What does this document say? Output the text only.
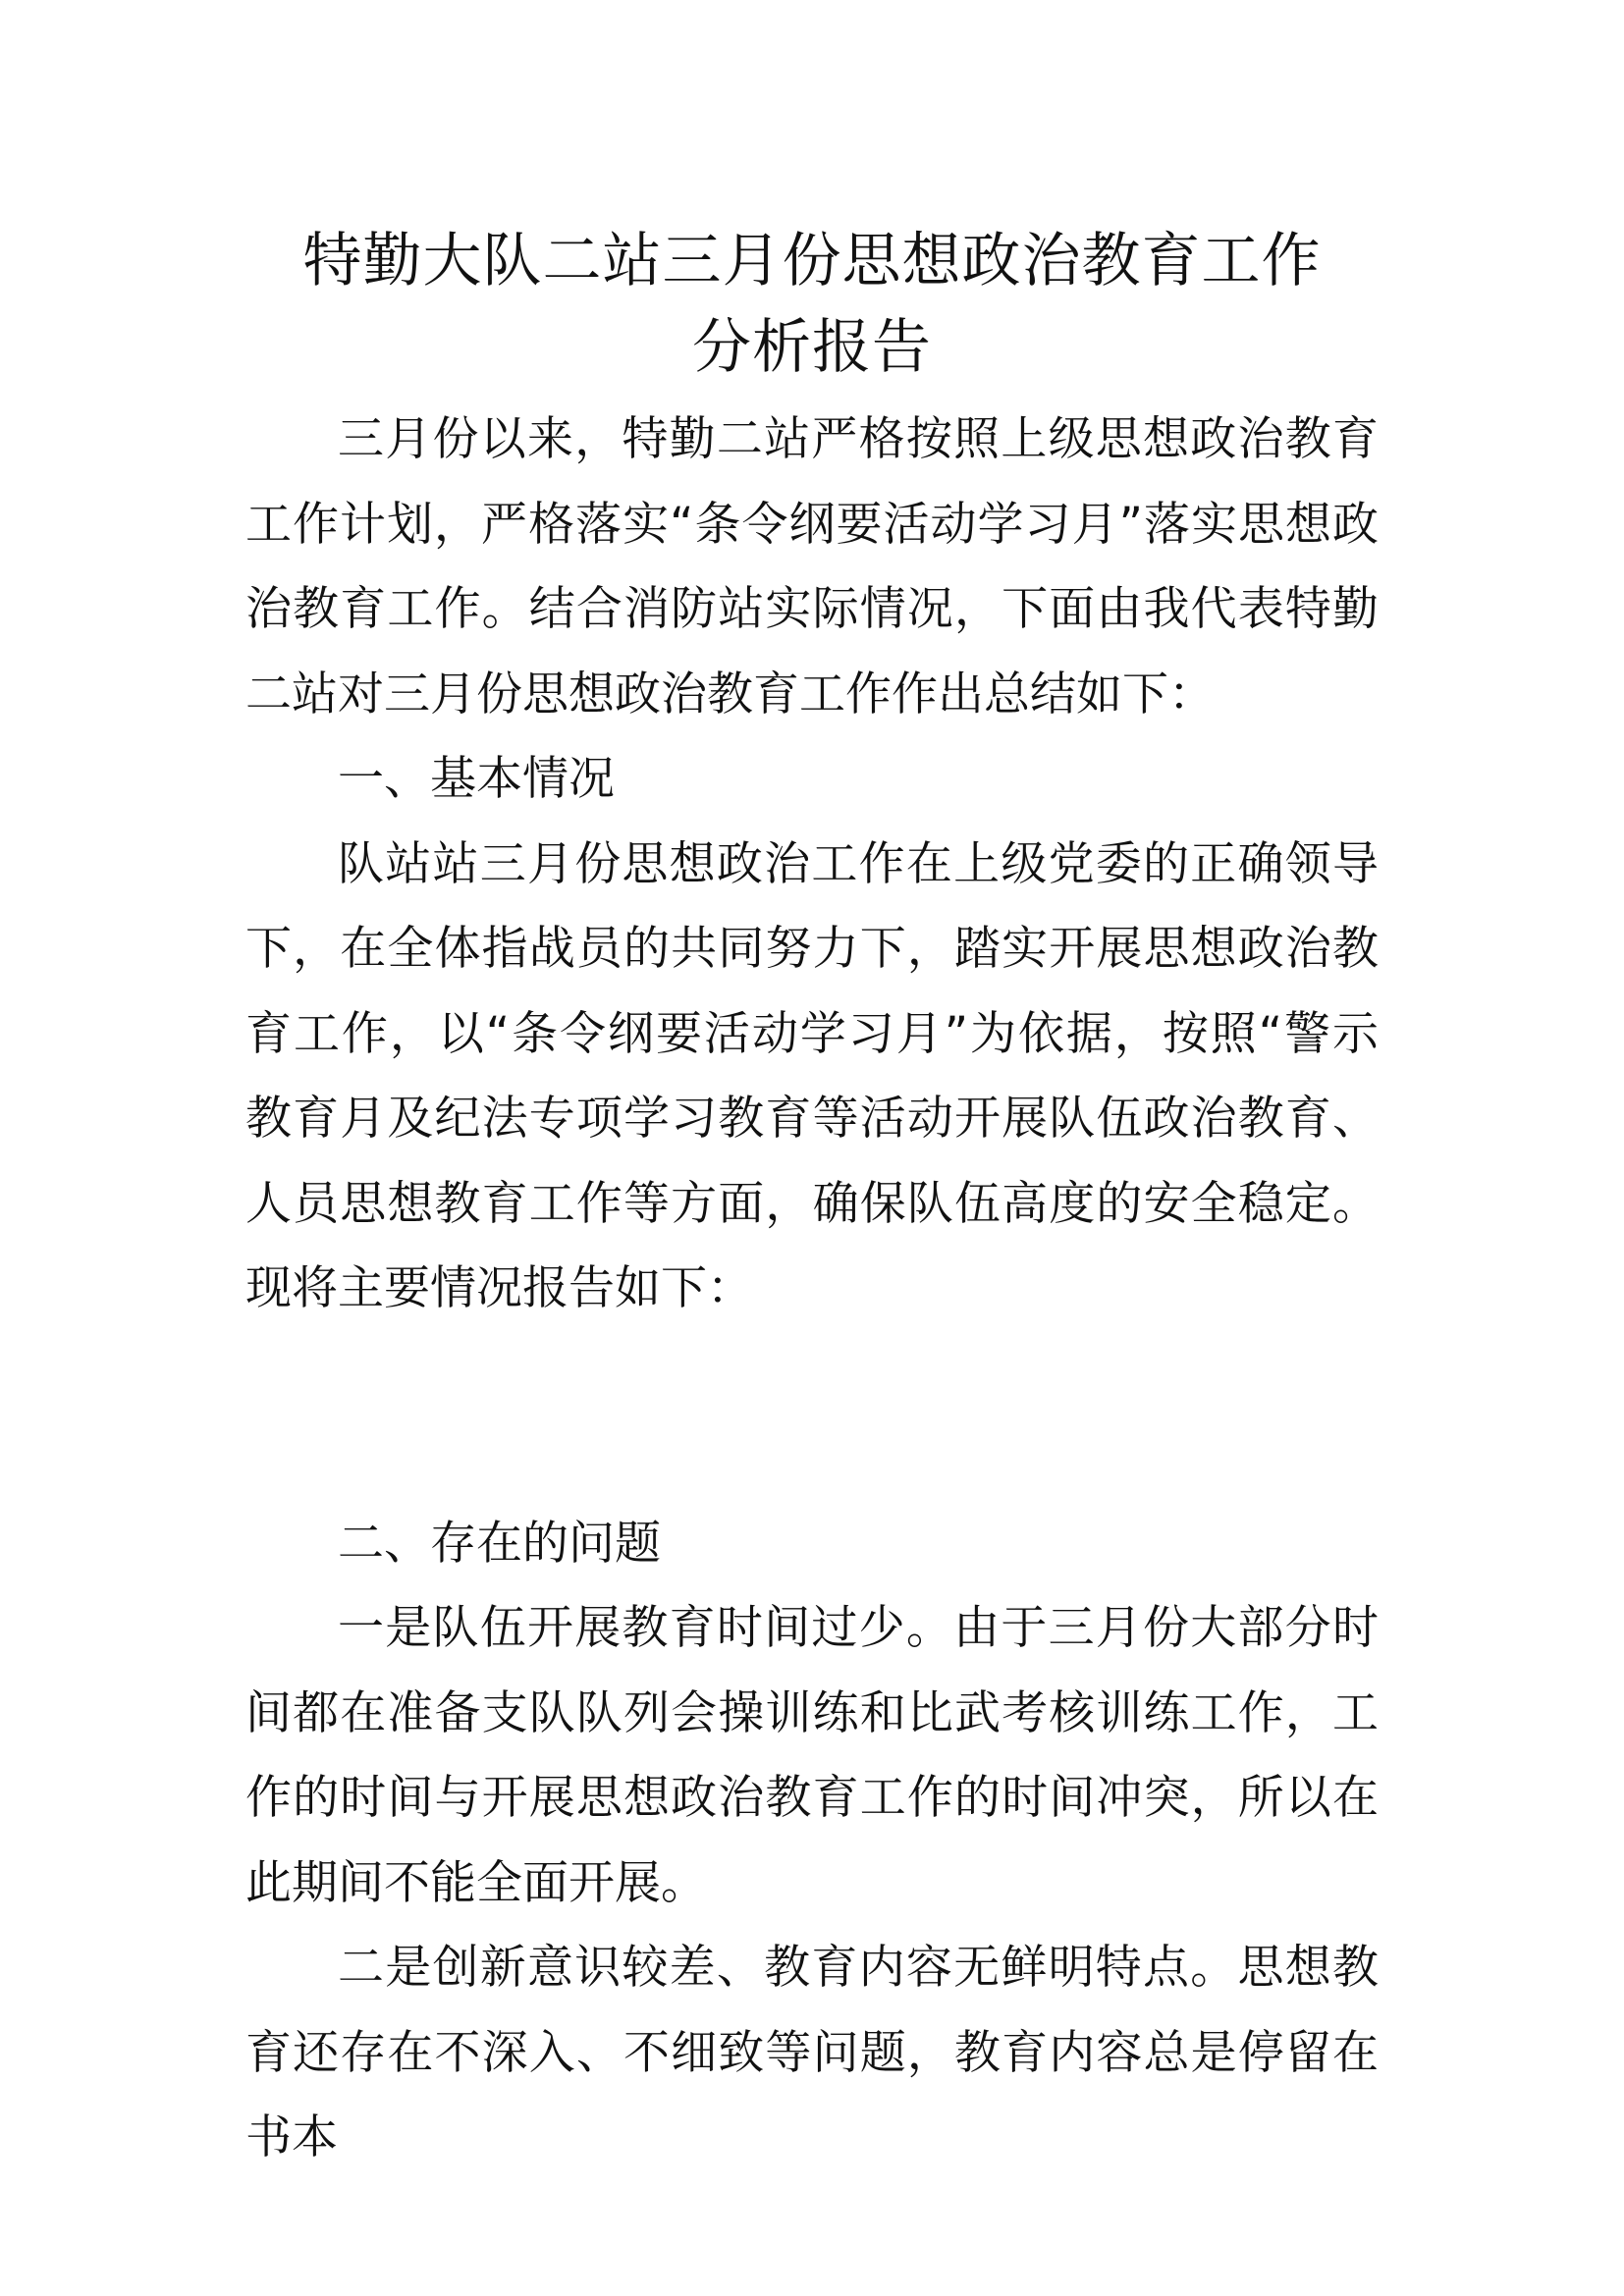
特勤大队二站三月份思想政治教育工作
分析报告

三月份以来，特勤二站严格按照上级思想政治教育工作计划，严格落实“条令纲要活动学习月”落实思想政治教育工作。结合消防站实际情况，下面由我代表特勤二站对三月份思想政治教育工作作出总结如下：

一、基本情况

队站站三月份思想政治工作在上级党委的正确领导下，在全体指战员的共同努力下，踏实开展思想政治教育工作，以“条令纲要活动学习月”为依据，按照“警示教育月及纪法专项学习教育等活动开展队伍政治教育、人员思想教育工作等方面，确保队伍高度的安全稳定。现将主要情况报告如下：

二、存在的问题

一是队伍开展教育时间过少。由于三月份大部分时间都在准备支队队列会操训练和比武考核训练工作，工作的时间与开展思想政治教育工作的时间冲突，所以在此期间不能全面开展。

二是创新意识较差、教育内容无鲜明特点。思想教育还存在不深入、不细致等问题，教育内容总是停留在书本
